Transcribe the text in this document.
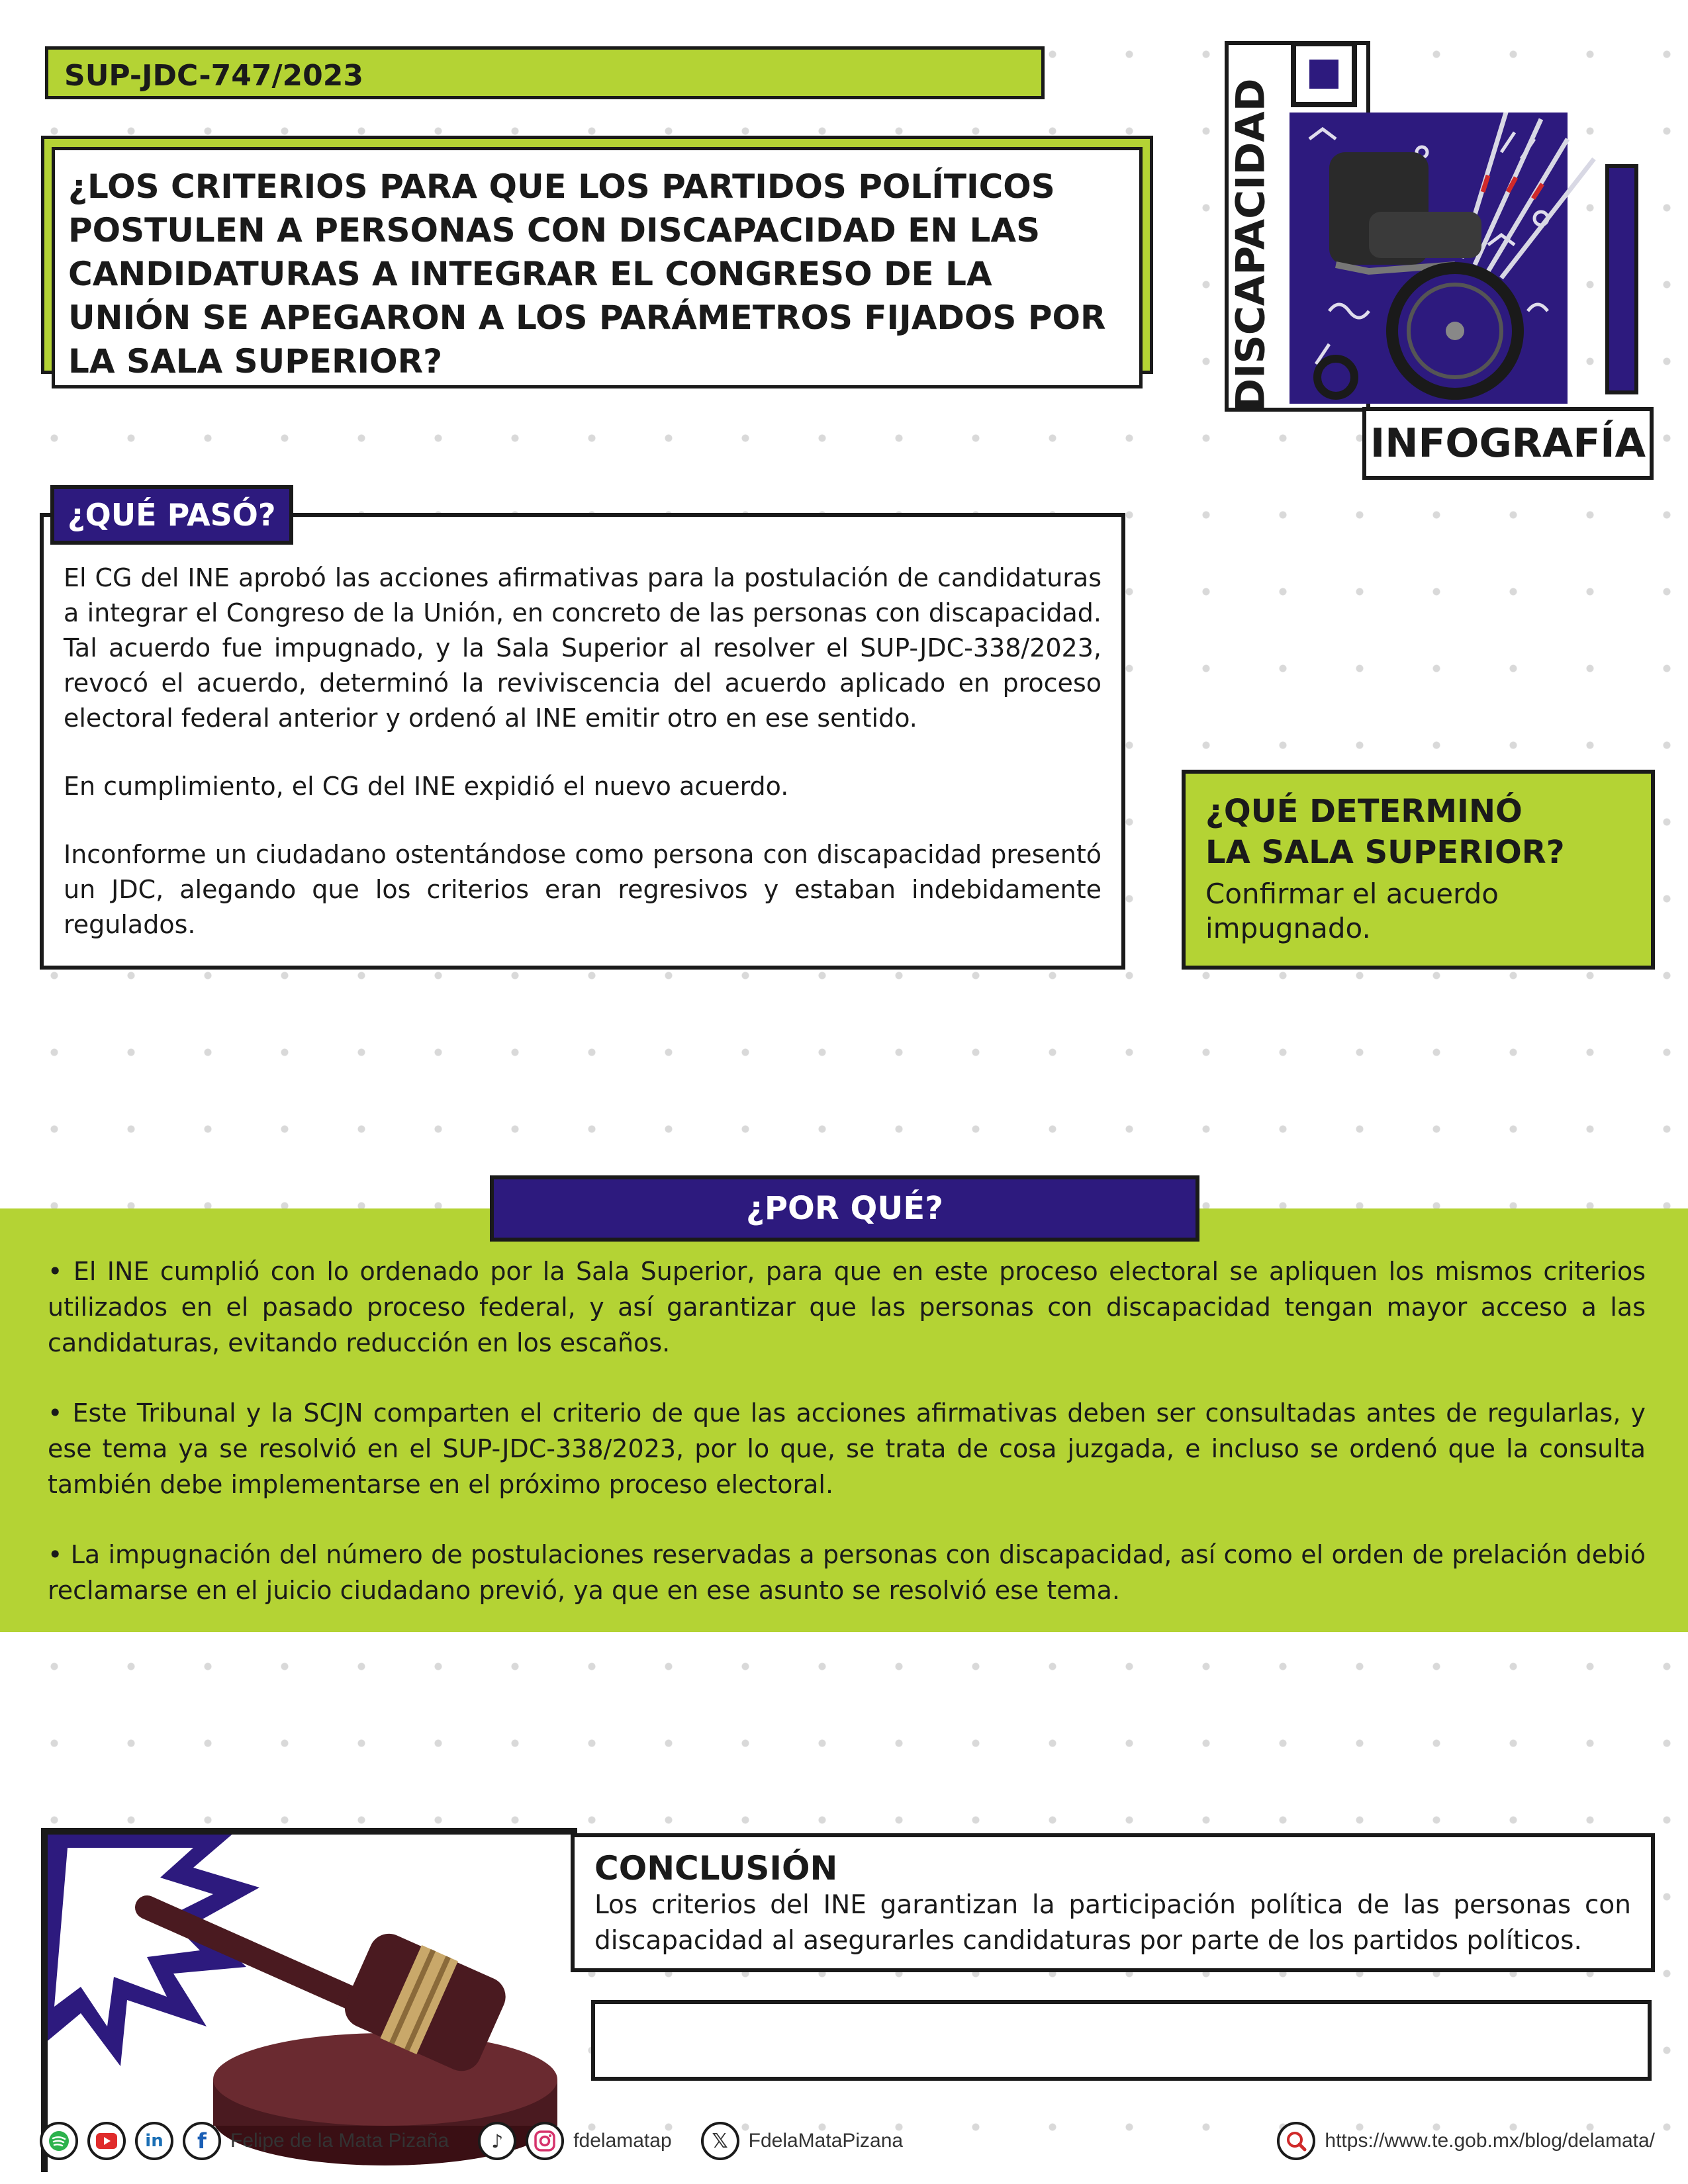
SUP-JDC-747/2023
¿LOS CRITERIOS PARA QUE LOS PARTIDOS POLÍTICOS POSTULEN A PERSONAS CON DISCAPACIDAD EN LAS CANDIDATURAS A INTEGRAR EL CONGRESO DE LA UNIÓN SE APEGARON A LOS PARÁMETROS FIJADOS POR LA SALA SUPERIOR?	DISCAPACIDAD
INFOGRAFÍA

El CG del INE aprobó las acciones afirmativas para la postulación de candidaturas a integrar el Congreso de la Unión, en concreto de las personas con discapacidad. Tal acuerdo fue impugnado, y la Sala Superior al resolver el SUP-JDC-338/2023, revocó el acuerdo, determinó la reviviscencia del acuerdo aplicado en proceso electoral federal anterior y ordenó al INE emitir otro en ese sentido.

En cumplimiento, el CG del INE expidió el nuevo acuerdo.

Inconforme un ciudadano ostentándose como persona con discapacidad presentó un JDC, alegando que los criterios eran regresivos y estaban indebidamente regulados.

¿QUÉ PASÓ?
¿QUÉ DETERMINÓ
LA SALA SUPERIOR?
Confirmar el acuerdo impugnado.
¿POR QUÉ?

• El INE cumplió con lo ordenado por la Sala Superior, para que en este proceso electoral se apliquen los mismos criterios utilizados en el pasado proceso federal, y así garantizar que las personas con discapacidad tengan mayor acceso a las candidaturas, evitando reducción en los escaños.

• Este Tribunal y la SCJN comparten el criterio de que las acciones afirmativas deben ser consultadas antes de regularlas, y ese tema ya se resolvió en el SUP-JDC-338/2023, por lo que, se trata de cosa juzgada, e incluso se ordenó que la consulta también debe implementarse en el próximo proceso electoral.

• La impugnación del número de postulaciones reservadas a personas con discapacidad, así como el orden de prelación debió reclamarse en el juicio ciudadano previó, ya que en ese asunto se resolvió ese tema.

CONCLUSIÓN
Los criterios del INE garantizan la participación política de las personas con discapacidad al asegurarles candidaturas por parte de los partidos políticos.
in	f	Felipe de la Mata Pizaña	♪	fdelamatap	𝕏	FdelaMataPizana	https://www.te.gob.mx/blog/delamata/
